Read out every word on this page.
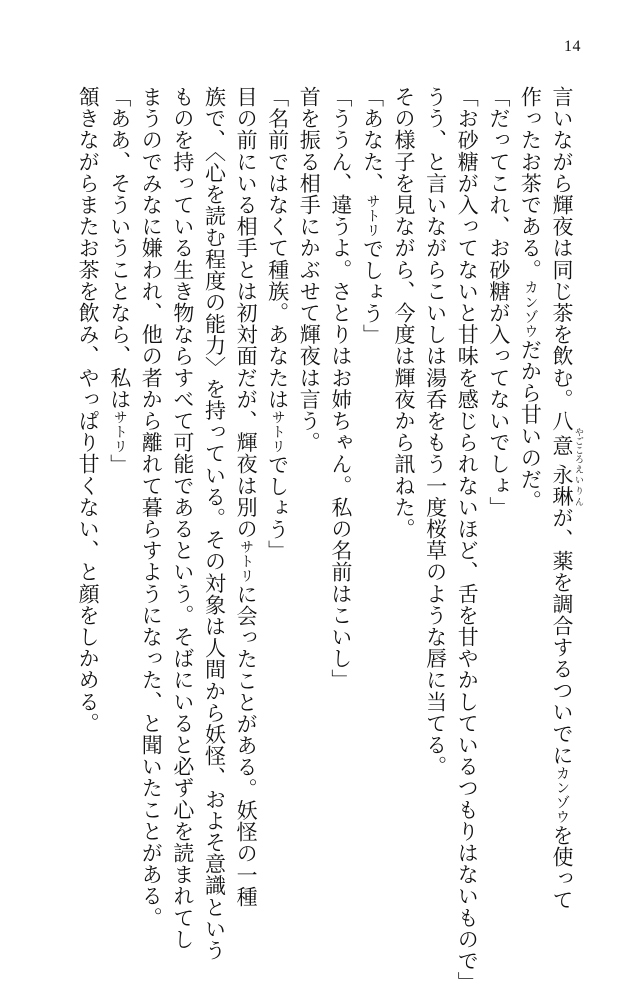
14
言いながら輝夜は同じ茶を飲む。八意 やごころ永琳 えいりんが、薬を調合するついでにカンゾウを使って
作ったお茶である。カンゾウだから甘いのだ。
「だってこれ、お砂糖が入ってないでしょ」
「お砂糖が入ってないと甘味を感じられないほど、舌を甘やかしているつもりはないもので」
うう、と言いながらこいしは湯呑をもう一度桜草のような唇に当てる。
その様子を見ながら、今度は輝夜から訊ねた。
「あなた、サトリでしょう」
「ううん、違うよ。さとりはお姉ちゃん。私の名前はこいし」
首を振る相手にかぶせて輝夜は言う。
「名前ではなくて種族。あなたはサトリでしょう」
目の前にいる相手とは初対面だが、輝夜は別のサトリに会ったことがある。妖怪の一種
族で、〈心を読む程度の能力〉を持っている。その対象は人間から妖怪、およそ意識という
ものを持っている生き物ならすべて可能であるという。そばにいると必ず心を読まれてし
まうのでみなに嫌われ、他の者から離れて暮らすようになった、と聞いたことがある。
「ああ、そういうことなら、私はサトリ」
頷きながらまたお茶を飲み、やっぱり甘くない、と顔をしかめる。
